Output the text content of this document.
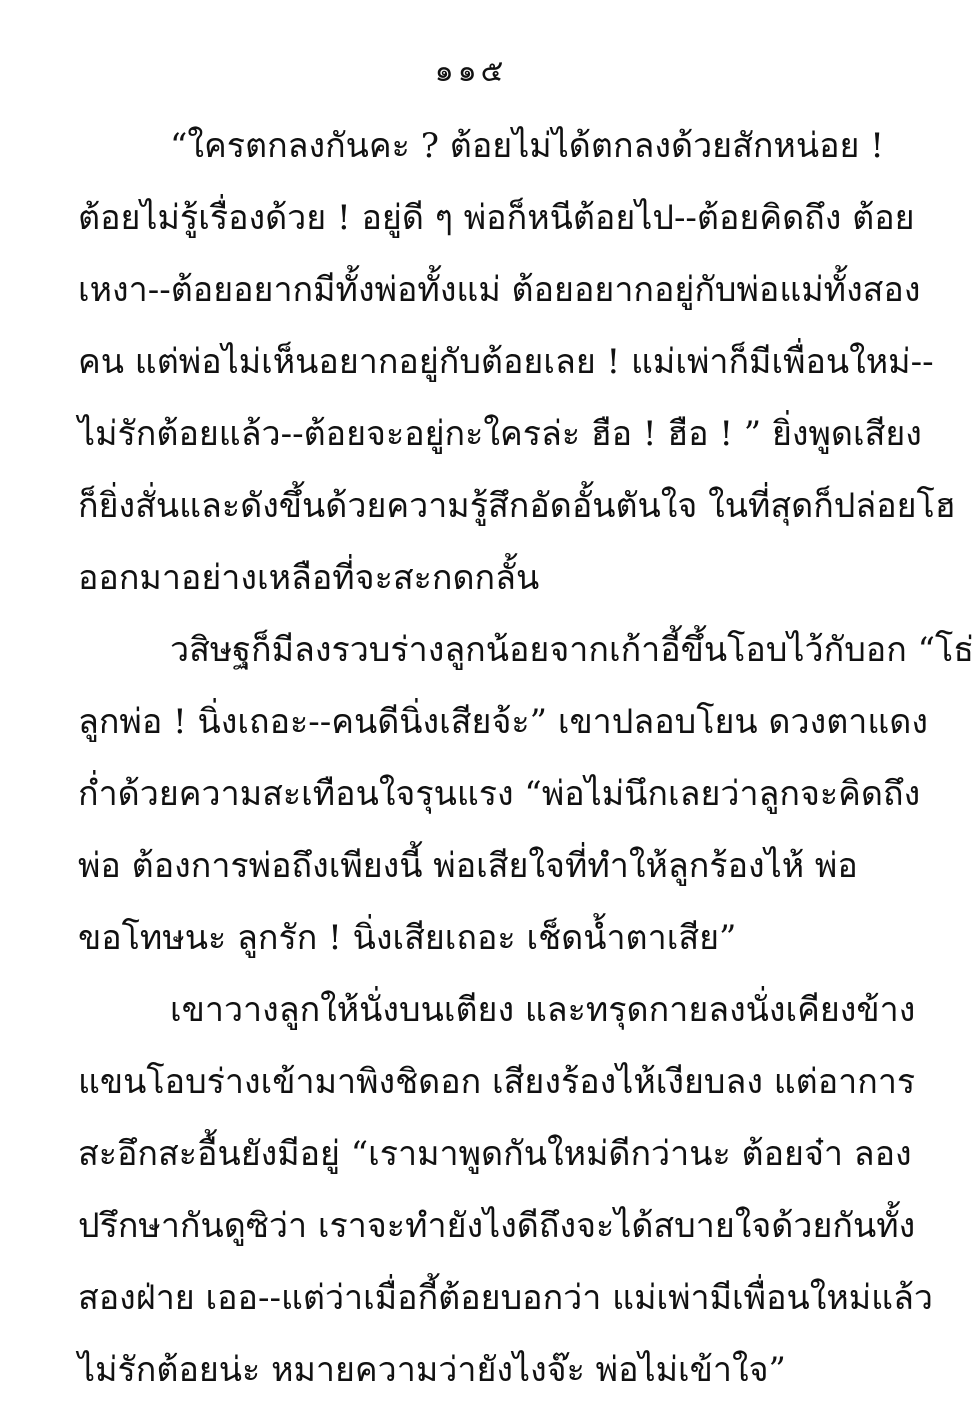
๑๑๕
“ใครตกลงกันคะ ? ต้อยไม่ได้ตกลงด้วยสักหน่อย !
ต้อยไม่รู้เรื่องด้วย ! อยู่ดี ๆ พ่อก็หนีต้อยไป--ต้อยคิดถึง ต้อย
เหงา--ต้อยอยากมีทั้งพ่อทั้งแม่ ต้อยอยากอยู่กับพ่อแม่ทั้งสอง
คน แต่พ่อไม่เห็นอยากอยู่กับต้อยเลย ! แม่เพ่าก็มีเพื่อนใหม่--
ไม่รักต้อยแล้ว--ต้อยจะอยู่กะใครล่ะ ฮือ ! ฮือ ! ” ยิ่งพูดเสียง
ก็ยิ่งสั่นและดังขึ้นด้วยความรู้สึกอัดอั้นตันใจ ในที่สุดก็ปล่อยโฮ
ออกมาอย่างเหลือที่จะสะกดกลั้น
วสิษฐก็มีลงรวบร่างลูกน้อยจากเก้าอี้ขึ้นโอบไว้กับอก “โธ่
ลูกพ่อ ! นิ่งเถอะ--คนดีนิ่งเสียจ้ะ” เขาปลอบโยน ดวงตาแดง
ก่ำด้วยความสะเทือนใจรุนแรง “พ่อไม่นึกเลยว่าลูกจะคิดถึง
พ่อ ต้องการพ่อถึงเพียงนี้ พ่อเสียใจที่ทำให้ลูกร้องไห้ พ่อ
ขอโทษนะ ลูกรัก ! นิ่งเสียเถอะ เช็ดน้ำตาเสีย”
เขาวางลูกให้นั่งบนเตียง และทรุดกายลงนั่งเคียงข้าง
แขนโอบร่างเข้ามาพิงชิดอก เสียงร้องไห้เงียบลง แต่อาการ
สะอึกสะอื้นยังมีอยู่ “เรามาพูดกันใหม่ดีกว่านะ ต้อยจ๋า ลอง
ปรึกษากันดูซิว่า เราจะทำยังไงดีถึงจะได้สบายใจด้วยกันทั้ง
สองฝ่าย เออ--แต่ว่าเมื่อกี้ต้อยบอกว่า แม่เพ่ามีเพื่อนใหม่แล้ว
ไม่รักต้อยน่ะ หมายความว่ายังไงจ๊ะ พ่อไม่เข้าใจ”
